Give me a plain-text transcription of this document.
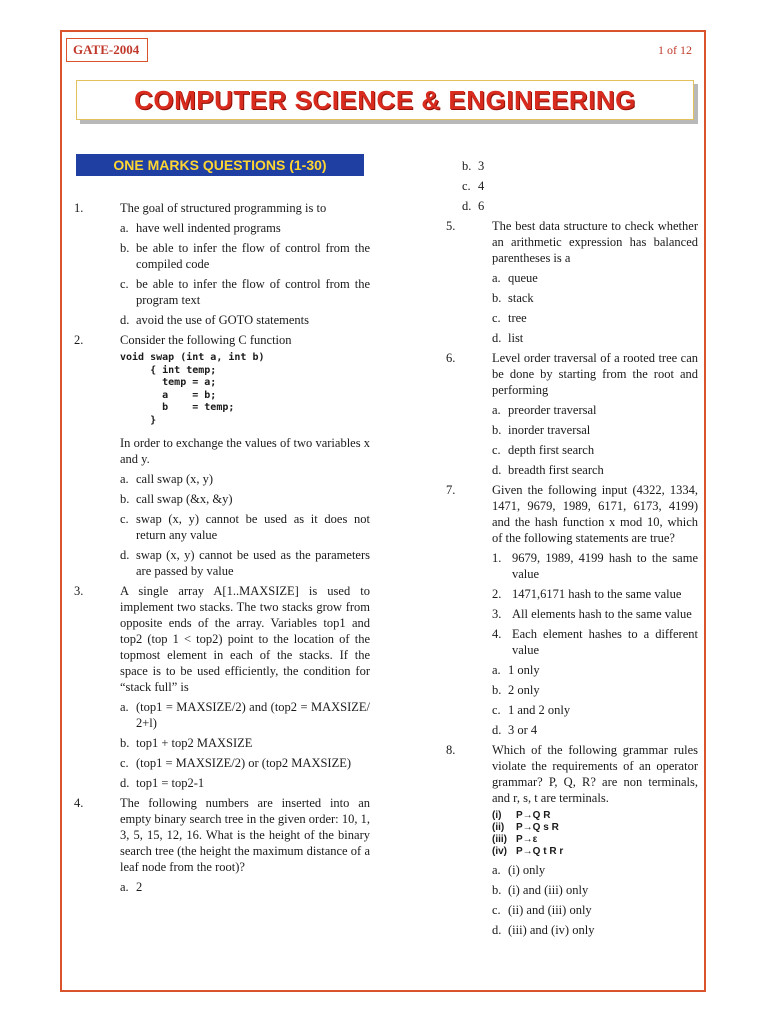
GATE-2004	1 of 12
COMPUTER SCIENCE & ENGINEERING
ONE MARKS QUESTIONS (1-30)
1.	The goal of structured programming is to
a. have well indented programs
b. be able to infer the flow of control from the compiled code
c. be able to infer the flow of control from the program text
d. avoid the use of GOTO statements
2.	Consider the following C function
void swap (int a, int b)
{ int temp;
temp = a;
a    = b;
b    = temp;
}
In order to exchange the values of two variables x and y.
a. call swap (x, y)
b. call swap (&x, &y)
c. swap (x, y) cannot be used as it does not return any value
d. swap (x, y) cannot be used as the parameters are passed by value
3.	A single array A[1..MAXSIZE] is used to implement two stacks. The two stacks grow from opposite ends of the array. Variables top1 and top2 (top 1 < top2) point to the location of the topmost element in each of the stacks. If the space is to be used efficiently, the condition for “stack full” is
a. (top1 = MAXSIZE/2) and (top2 = MAXSIZE/ 2+l)
b. top1 + top2 MAXSIZE
c. (top1 = MAXSIZE/2) or (top2 MAXSIZE)
d. top1 = top2-1
4.	The following numbers are inserted into an empty binary search tree in the given order: 10, 1, 3, 5, 15, 12, 16. What is the height of the binary search tree (the height the maximum distance of a leaf node from the root)?
a. 2
b. 3
c. 4
d. 6
5.	The best data structure to check whether an arithmetic expression has balanced parentheses is a
a. queue
b. stack
c. tree
d. list
6.	Level order traversal of a rooted tree can be done by starting from the root and performing
a. preorder traversal
b. inorder traversal
c. depth first search
d. breadth first search
7.	Given the following input (4322, 1334, 1471, 9679, 1989, 6171, 6173, 4199) and the hash function x mod 10, which of the following statements are true?
1. 9679, 1989, 4199 hash to the same value
2. 1471,6171 hash to the same value
3. All elements hash to the same value
4. Each element hashes to a different value
a. 1 only
b. 2 only
c. 1 and 2 only
d. 3 or 4
8.	Which of the following grammar rules violate the requirements of an operator grammar? P, Q, R? are non terminals, and r, s, t are terminals.
(i)	P→Q R
(ii)	P→Q s R
(iii) P→ε
(iv) P→Q t R r
a. (i) only
b. (i) and (iii) only
c. (ii) and (iii) only
d. (iii) and (iv) only
